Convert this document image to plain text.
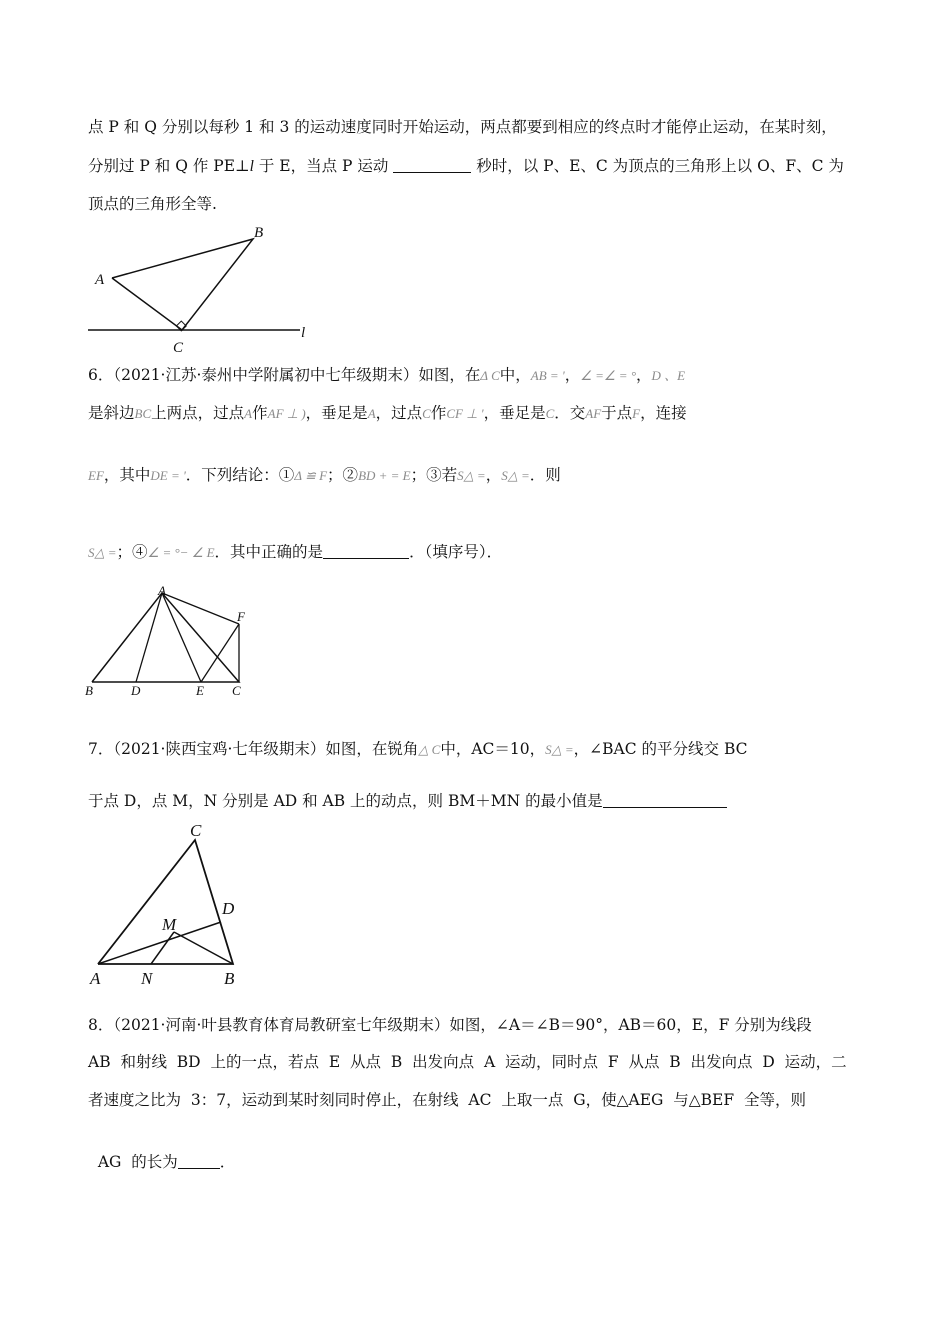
点 P 和 Q 分别以每秒 1 和 3 的运动速度同时开始运动，两点都要到相应的终点时才能停止运动，在某时刻，
分别过 P 和 Q 作 PE⊥l 于 E，当点 P 运动	秒时，以 P、E、C 为顶点的三角形上以 O、F、C 为
顶点的三角形全等.
A
B
C
l
6．（2021·江苏·泰州中学附属初中七年级期末）如图，在Δ C中，AB = '，∠ =∠ = °，D 、E
是斜边BC上两点，过点A作AF ⊥ )，垂足是A，过点C作CF ⊥ '，垂足是C．交AF于点F，连接
EF，其中DE = '．下列结论：①Δ ≌ F；②BD + = E；③若S△ =，S△ =．则
S△ =；④∠ = °− ∠ E．其中正确的是	．（填序号）．
A
F
B	D	E C
7．（2021·陕西宝鸡·七年级期末）如图，在锐角△ C中，AC＝10，S△ =，∠BAC 的平分线交 BC
于点 D，点 M，N 分别是 AD 和 AB 上的动点，则 BM＋MN 的最小值是
C
D
M
A N	B
8．（2021·河南·叶县教育体育局教研室七年级期末）如图，∠A＝∠B＝90°，AB＝60，E，F 分别为线段
AB  和射线  BD  上的一点，若点  E  从点  B  出发向点  A  运动，同时点  F  从点  B  出发向点  D  运动，二
者速度之比为  3：7，运动到某时刻同时停止，在射线  AC  上取一点  G，使△AEG  与△BEF  全等，则

AG  的长为	．
